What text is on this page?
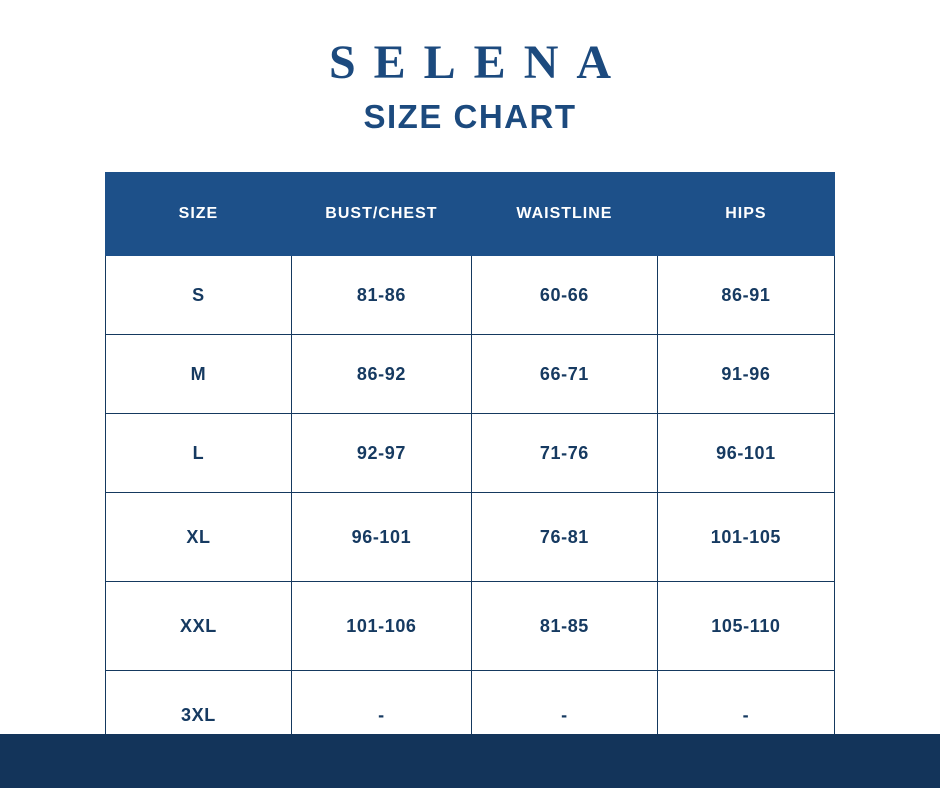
SELENA
SIZE CHART
SIZE	BUST/CHEST	WAISTLINE	HIPS
S	81-86	60-66	86-91
M	86-92	66-71	91-96
L	92-97	71-76	96-101
XL	96-101	76-81	101-105
XXL	101-106	81-85	105-110
3XL	-	-	-
